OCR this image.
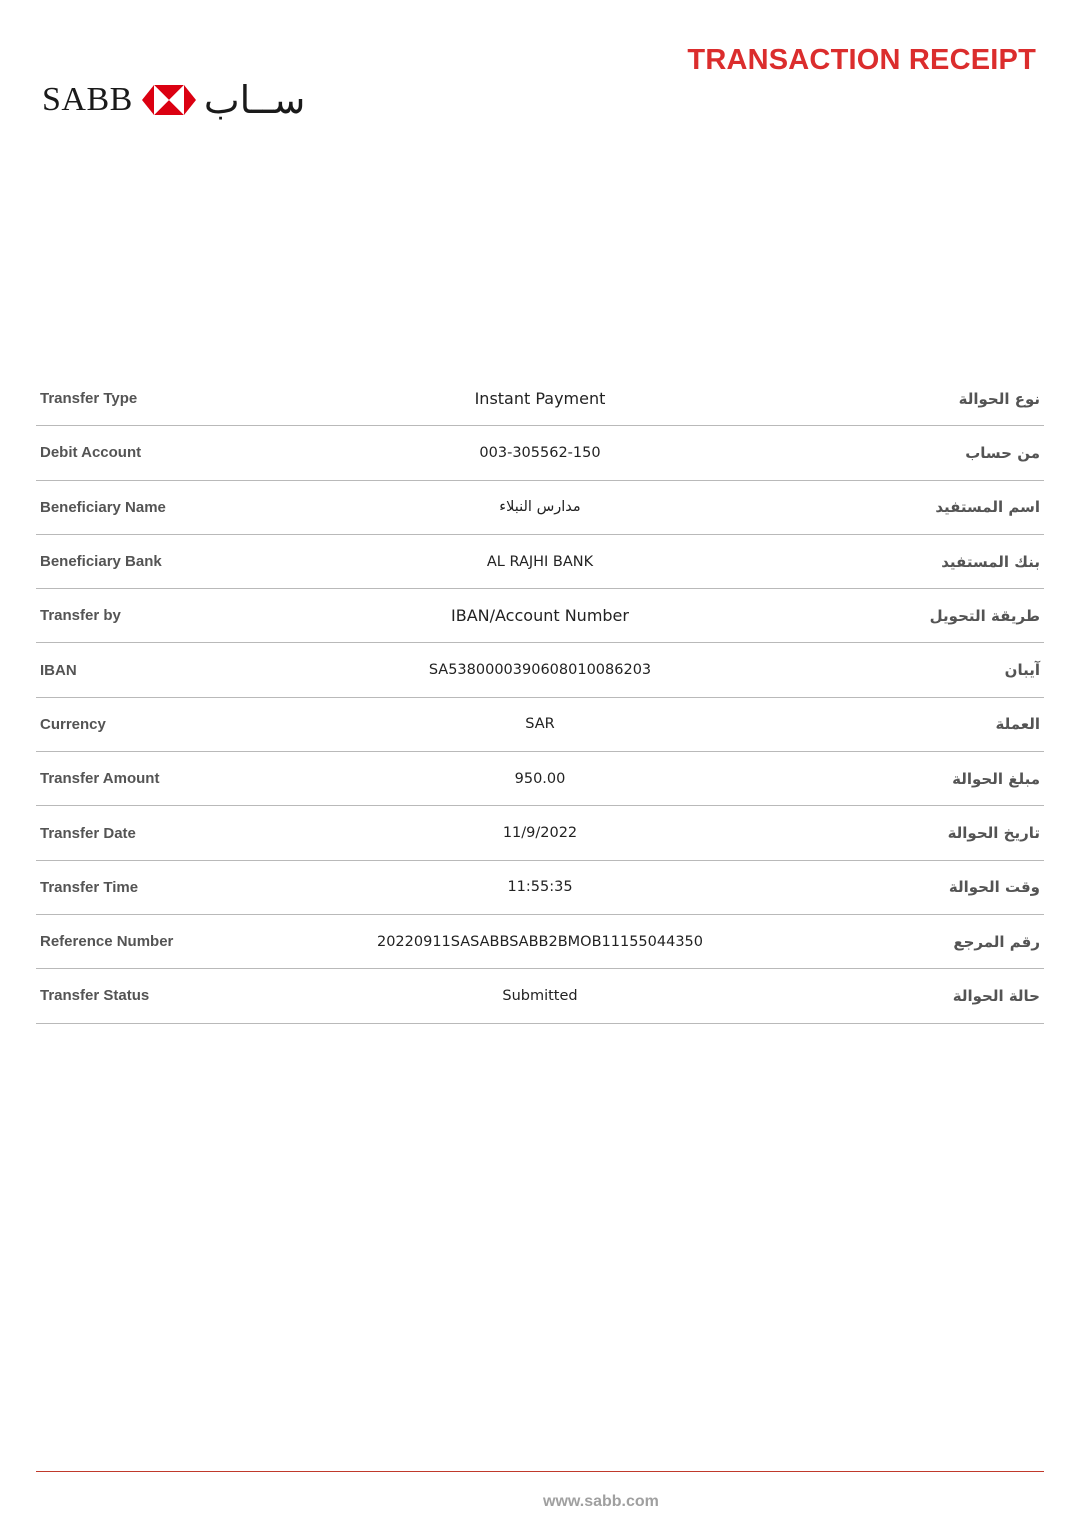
TRANSACTION RECEIPT
SABB ســاب
Transfer Type	Instant Payment	نوع الحوالة
Debit Account	003-305562-150	من حساب
Beneficiary Name	مدارس النبلاء	اسم المستفيد
Beneficiary Bank	AL RAJHI BANK	بنك المستفيد
Transfer by	IBAN/Account Number	طريقة التحويل
IBAN	SA5380000390608010086203	آيبان
Currency	SAR	العملة
Transfer Amount	950.00	مبلغ الحوالة
Transfer Date	11/9/2022	تاريخ الحوالة
Transfer Time	11:55:35	وقت الحوالة
Reference Number	20220911SASABBSABB2BMOB11155044350	رقم المرجع
Transfer Status	Submitted	حالة الحوالة
www.sabb.com
